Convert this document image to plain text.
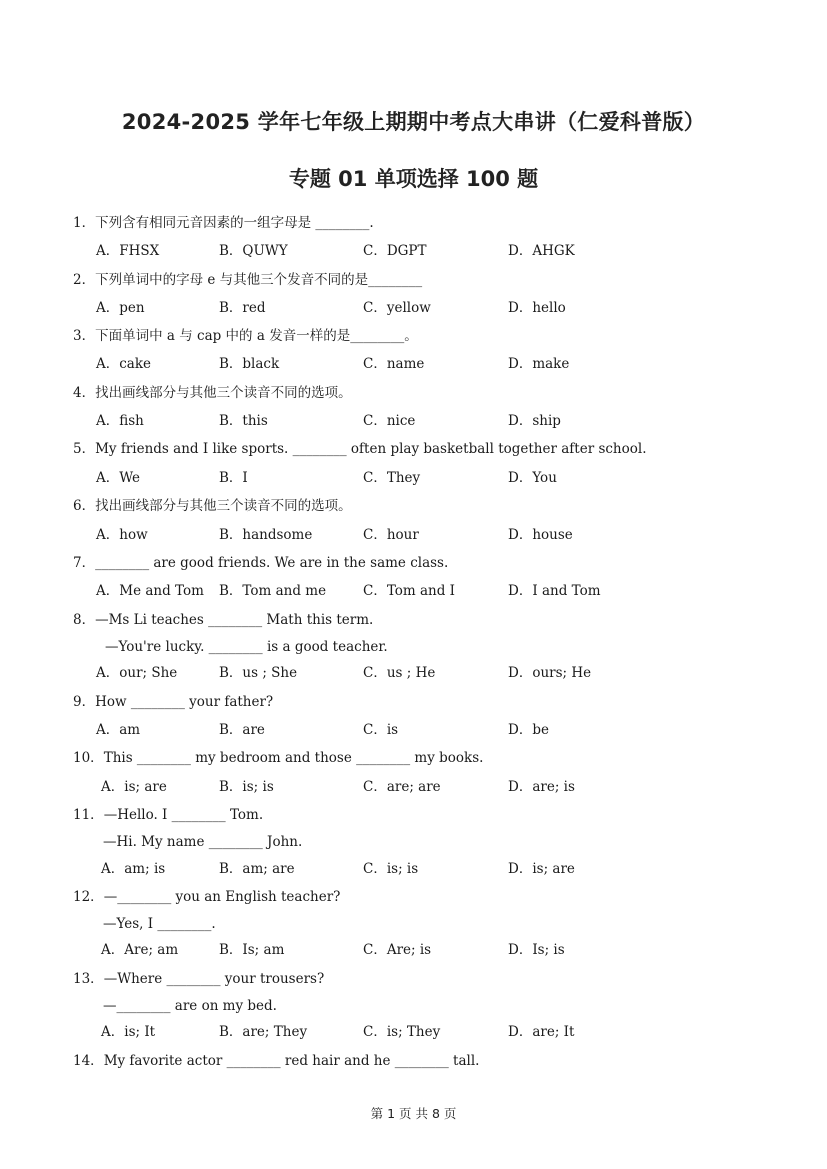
2024-2025 学年七年级上期期中考点大串讲（仁爱科普版）
专题 01 单项选择 100 题
1．下列含有相同元音因素的一组字母是 ________.
A．FHSX	B．QUWY	C．DGPT	D．AHGK
2．下列单词中的字母 e 与其他三个发音不同的是________
A．pen	B．red	C．yellow	D．hello
3．下面单词中 a 与 cap 中的 a 发音一样的是________。
A．cake	B．black	C．name	D．make
4．找出画线部分与其他三个读音不同的选项。
A．fish	B．this	C．nice	D．ship
5．My friends and I like sports. ________ often play basketball together after school.
A．We	B．I	C．They	D．You
6．找出画线部分与其他三个读音不同的选项。
A．how	B．handsome	C．hour	D．house
7．________ are good friends. We are in the same class.
A．Me and Tom B．Tom and me	C．Tom and I	D．I and Tom
8．—Ms Li teaches ________ Math this term.
—You're lucky. ________ is a good teacher.
A．our; She	B．us ; She	C．us ; He	D．ours; He
9．How ________ your father?
A．am	B．are	C．is	D．be
10．This ________ my bedroom and those ________ my books.
A．is; are	B．is; is	C．are; are	D．are; is
11．—Hello. I ________ Tom.
—Hi. My name ________ John.
A．am; is	B．am; are	C．is; is	D．is; are
12．—________ you an English teacher?
—Yes, I ________.
A．Are; am	B．Is; am	C．Are; is	D．Is; is
13．—Where ________ your trousers?
—________ are on my bed.
A．is; It	B．are; They	C．is; They	D．are; It
14．My favorite actor ________ red hair and he ________ tall.
第 1 页 共 8 页
